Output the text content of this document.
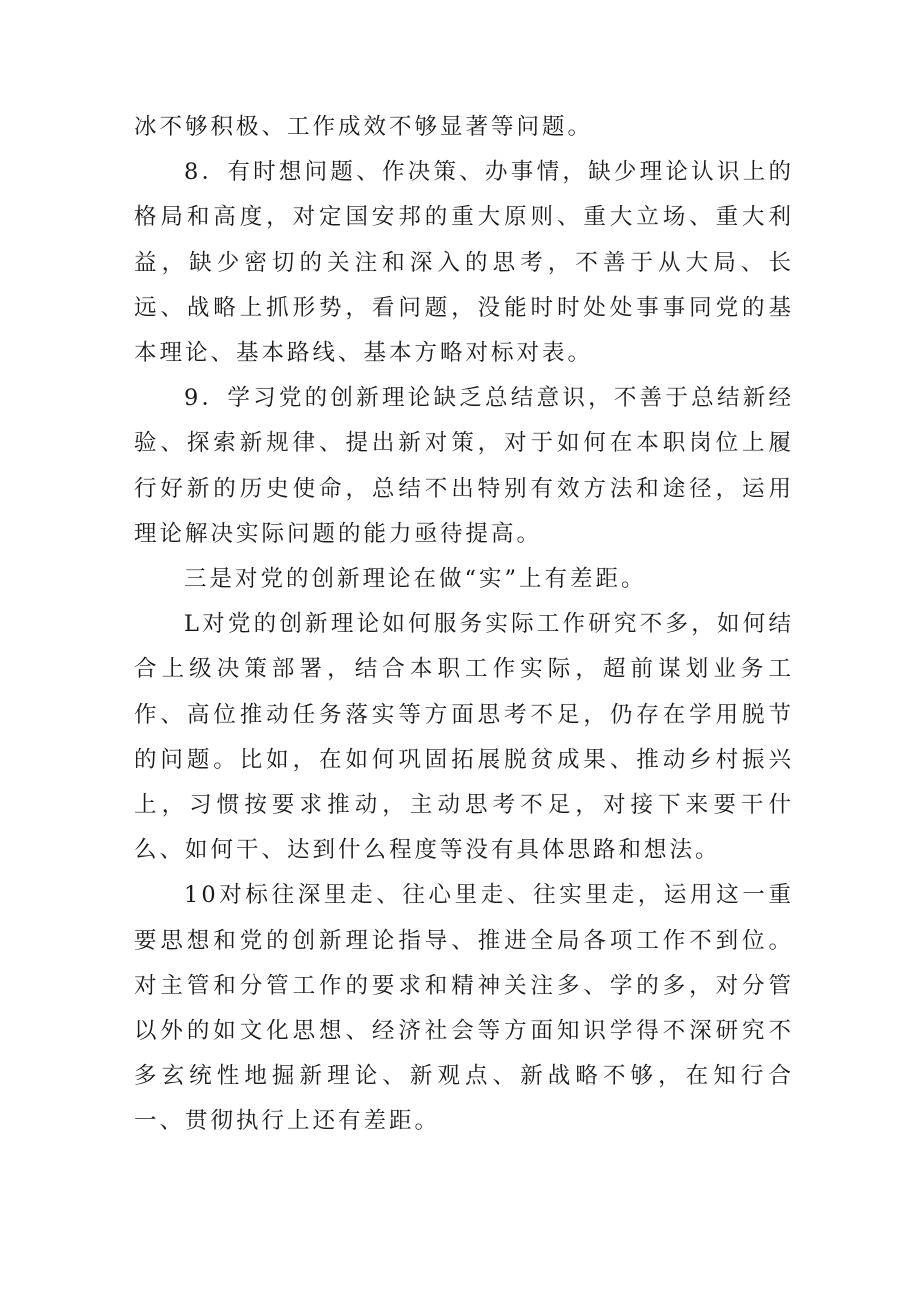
冰不够积极、工作成效不够显著等问题。

8．有时想问题、作决策、办事情，缺少理论认识上的格局和高度，对定国安邦的重大原则、重大立场、重大利益，缺少密切的关注和深入的思考，不善于从大局、长远、战略上抓形势，看问题，没能时时处处事事同党的基本理论、基本路线、基本方略对标对表。

9．学习党的创新理论缺乏总结意识，不善于总结新经验、探索新规律、提出新对策，对于如何在本职岗位上履行好新的历史使命，总结不出特别有效方法和途径，运用理论解决实际问题的能力亟待提高。

三是对党的创新理论在做“实”上有差距。

L对党的创新理论如何服务实际工作研究不多，如何结合上级决策部署，结合本职工作实际，超前谋划业务工作、高位推动任务落实等方面思考不足，仍存在学用脱节的问题。比如，在如何巩固拓展脱贫成果、推动乡村振兴上，习惯按要求推动，主动思考不足，对接下来要干什么、如何干、达到什么程度等没有具体思路和想法。

10对标往深里走、往心里走、往实里走，运用这一重要思想和党的创新理论指导、推进全局各项工作不到位。对主管和分管工作的要求和精神关注多、学的多，对分管以外的如文化思想、经济社会等方面知识学得不深研究不多玄统性地掘新理论、新观点、新战略不够，在知行合一、贯彻执行上还有差距。
